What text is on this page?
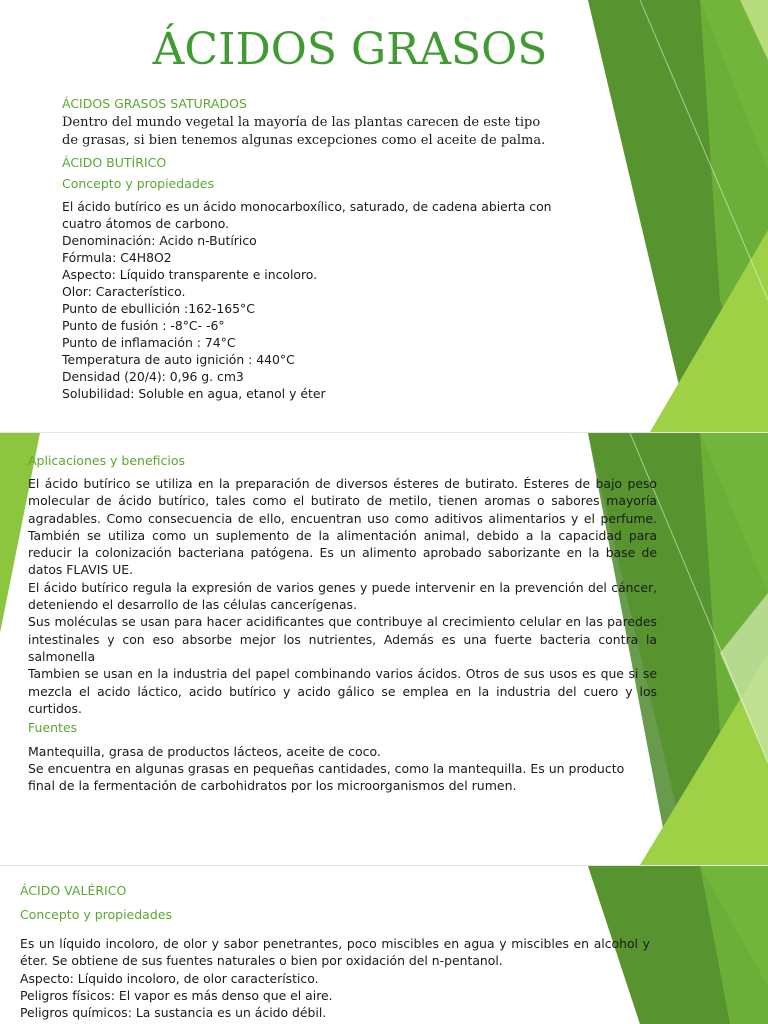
ÁCIDOS GRASOS
ÁCIDOS GRASOS SATURADOS
Dentro del mundo vegetal la mayoría de las plantas carecen de este tipo
de grasas, si bien tenemos algunas excepciones como el aceite de palma.
ÁCIDO BUTÍRICO
Concepto y propiedades
El ácido butírico es un ácido monocarboxílico, saturado, de cadena abierta con
cuatro átomos de carbono.
Denominación: Acido n-Butírico
Fórmula: C4H8O2
Aspecto: Líquido transparente e incoloro.
Olor: Característico.
Punto de ebullición :162-165°C
Punto de fusión : -8°C- -6°
Punto de inflamación : 74°C
Temperatura de auto ignición : 440°C
Densidad (20/4): 0,96 g. cm3
Solubilidad: Soluble en agua, etanol y éter
Aplicaciones y beneficios
El ácido butírico se utiliza en la preparación de diversos ésteres de butirato. Ésteres de bajo peso molecular de ácido butírico, tales como el butirato de metilo, tienen aromas o sabores mayoría agradables. Como consecuencia de ello, encuentran uso como aditivos alimentarios y el perfume. También se utiliza como un suplemento de la alimentación animal, debido a la capacidad para reducir la colonización bacteriana patógena. Es un alimento aprobado saborizante en la base de datos FLAVIS UE.
El ácido butírico regula la expresión de varios genes y puede intervenir en la prevención del cáncer, deteniendo el desarrollo de las células cancerígenas.
Sus moléculas se usan para hacer acidificantes que contribuye al crecimiento celular en las paredes intestinales y con eso absorbe mejor los nutrientes, Además es una fuerte bacteria contra la salmonella
Tambien se usan en la industria del papel combinando varios ácidos. Otros de sus usos es que si se mezcla el acido láctico, acido butírico y acido gálico se emplea en la industria del cuero y los curtidos.
Fuentes
Mantequilla, grasa de productos lácteos, aceite de coco.
Se encuentra en algunas grasas en pequeñas cantidades, como la mantequilla. Es un producto
final de la fermentación de carbohidratos por los microorganismos del rumen.
ÁCIDO VALÉRICO
Concepto y propiedades
Es un líquido incoloro, de olor y sabor penetrantes, poco miscibles en agua y miscibles en alcohol y éter. Se obtiene de sus fuentes naturales o bien por oxidación del n-pentanol.
Aspecto: Líquido incoloro, de olor característico.
Peligros físicos: El vapor es más denso que el aire.
Peligros químicos: La sustancia es un ácido débil.
